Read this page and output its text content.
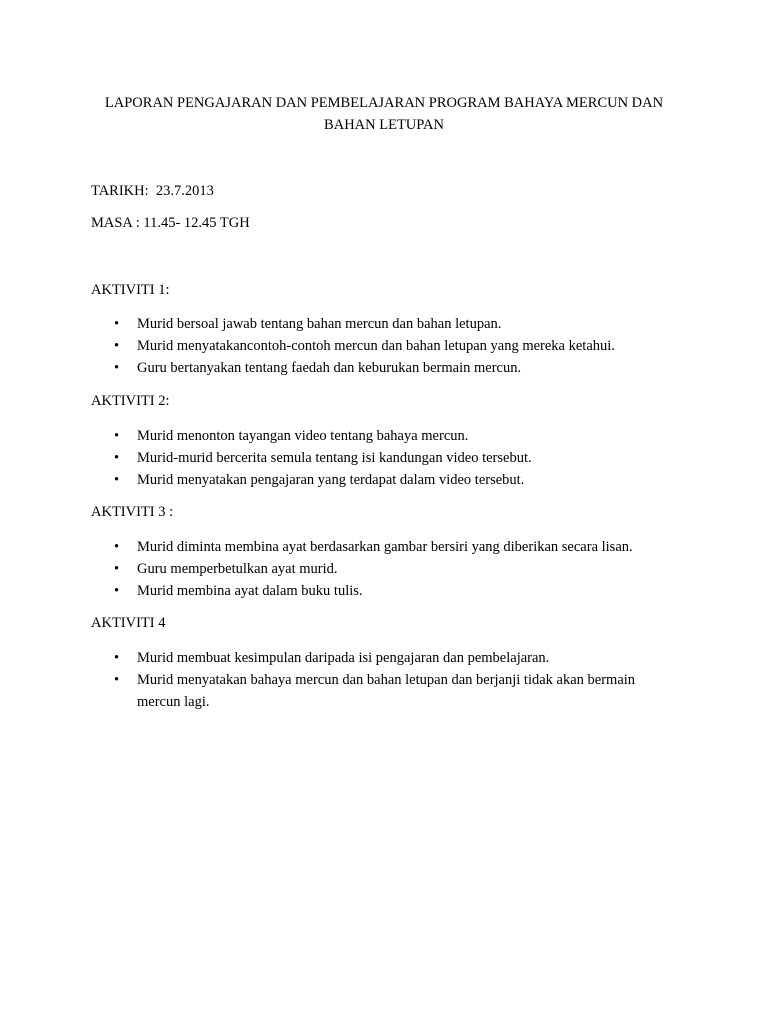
LAPORAN PENGAJARAN DAN PEMBELAJARAN PROGRAM BAHAYA MERCUN DAN
BAHAN LETUPAN

TARIKH:  23.7.2013

MASA : 11.45- 12.45 TGH

AKTIVITI 1:

• Murid bersoal jawab tentang bahan mercun dan bahan letupan.
• Murid menyatakancontoh-contoh mercun dan bahan letupan yang mereka ketahui.
• Guru bertanyakan tentang faedah dan keburukan bermain mercun.

AKTIVITI 2:

• Murid menonton tayangan video tentang bahaya mercun.
• Murid-murid bercerita semula tentang isi kandungan video tersebut.
• Murid menyatakan pengajaran yang terdapat dalam video tersebut.

AKTIVITI 3 :

• Murid diminta membina ayat berdasarkan gambar bersiri yang diberikan secara lisan.
• Guru memperbetulkan ayat murid.
• Murid membina ayat dalam buku tulis.

AKTIVITI 4

• Murid membuat kesimpulan daripada isi pengajaran dan pembelajaran.
• Murid menyatakan bahaya mercun dan bahan letupan dan berjanji tidak akan bermain mercun lagi.
